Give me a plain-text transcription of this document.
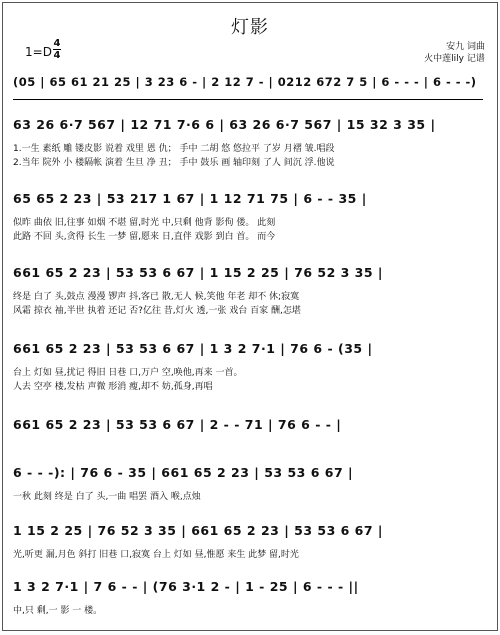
灯影
1=D
4
4
安九 词曲
火中莲lily 记谱
(05 | 65 61 21 25 | 3 23 6 - | 2 12 7 - | 0212 672 7 5 | 6 - - - | 6 - - -)
63 26 6·7 567 | 12 71 7·6 6 | 63 26 6·7 567 | 15 32 3 35 |
1.一生 素纸 雕 镂皮影 说着 戏里 恩 仇； 手中 二胡 悠 悠拉平 了岁 月褶 皱.唱段
2.当年 院外 小 楼隔帐 演着 生旦 净 丑； 手中 鼓乐 画 轴印刻 了人 间沉 浮.他说
65 65 2 23 | 53 217 1 67 | 1 12 71 75 | 6 - - 35 |
似昨 曲依 旧,往事 如烟 不堪 留,时光 中,只剩 他背 影佝 偻。 此刻
此路 不回 头,贪得 长生 一梦 留,愿来 日,直伴 戏影 到白 首。 而今
661 65 2 23 | 53 53 6 67 | 1 15 2 25 | 76 52 3 35 |
终是 白了 头,鼓点 漫漫 锣声 抖,客已 散,无人 候,笑他 年老 却不 休;寂寞
风霜 掠衣 袖,半世 执着 还记 否?亿往 昔,灯火 透,一张 戏台 百家 酬,怎堪
661 65 2 23 | 53 53 6 67 | 1 3 2 7·1 | 76 6 - (35 |
台上 灯如 昼,扰记 得旧 日巷 口,万户 空,唤他,再来 一首。
人去 空亭 楼,发枯 声微 形消 瘦,却不 妨,孤身,再唱
661 65 2 23 | 53 53 6 67 | 2 - - 71 | 76 6 - - |
6 - - -): | 76 6 - 35 | 661 65 2 23 | 53 53 6 67 |
一秋 此刻 终是 白了 头,一曲 唱罢 酒入 喉,点烛
1 15 2 25 | 76 52 3 35 | 661 65 2 23 | 53 53 6 67 |
光,听更 漏,月色 斜打 旧巷 口,寂寞 台上 灯如 昼,惟愿 来生 此梦 留,时光
1 3 2 7·1 | 7 6 - - | (76 3·1 2 - | 1 - 25 | 6 - - - ||
中,只 剩,一 影 一 楼。
